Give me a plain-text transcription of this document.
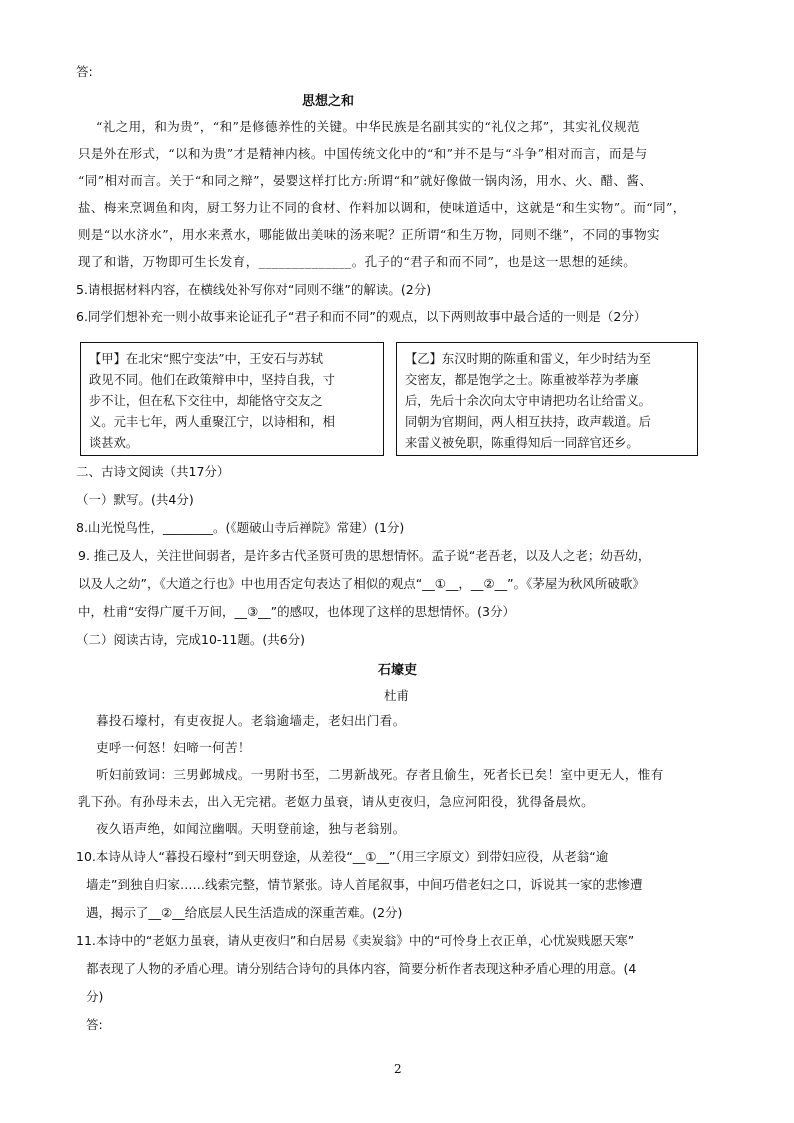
答:
思想之和
“礼之用，和为贵”，“和”是修德养性的关键。中华民族是名副其实的“礼仪之邦”，其实礼仪规范
只是外在形式，“以和为贵”才是精神内核。中国传统文化中的“和”并不是与“斗争”相对而言，而是与
“同”相对而言。关于“和同之辩”，晏婴这样打比方:所谓“和”就好像做一锅肉汤，用水、火、醋、酱、
盐、梅来烹调鱼和肉，厨工努力让不同的食材、作料加以调和，使味道适中，这就是“和生实物”。而“同”，
则是“以水济水”，用水来煮水，哪能做出美味的汤来呢？正所谓“和生万物，同则不继”，不同的事物实
现了和谐，万物即可生长发育，______________。孔子的“君子和而不同”，也是这一思想的延续。
5.请根据材料内容，在横线处补写你对“同则不继”的解读。(2分)
6.同学们想补充一则小故事来论证孔子“君子和而不同”的观点，以下两则故事中最合适的一则是（2分）
【甲】在北宋“熙宁变法”中，王安石与苏轼
政见不同。他们在政策辩申中，坚持自我，寸
步不让，但在私下交往中，却能恪守交友之
义。元丰七年，两人重聚江宁，以诗相和，相
谈甚欢。
【乙】东汉时期的陈重和雷义，年少时结为至
交密友，都是饱学之士。陈重被举荐为孝廉
后，先后十余次向太守申请把功名让给雷义。
同朝为官期间，两人相互扶持，政声载道。后
来雷义被免职，陈重得知后一同辞官还乡。
二、古诗文阅读（共17分）
（一）默写。(共4分)
8.山光悦鸟性，________。(《题破山寺后禅院》常建）(1分)
9. 推己及人，关注世间弱者，是许多古代圣贤可贵的思想情怀。孟子说“老吾老，以及人之老；幼吾幼，
以及人之幼”，《大道之行也》中也用否定句表达了相似的观点“__①__，__②__”。《茅屋为秋风所破歌》
中，杜甫“安得广厦千万间，__③__”的感叹，也体现了这样的思想情怀。(3分）
（二）阅读古诗，完成10-11题。(共6分)
石壕吏
杜甫
暮投石壕村，有吏夜捉人。老翁逾墙走，老妇出门看。
吏呼一何怒！妇啼一何苦！
听妇前致词：三男邺城戍。一男附书至，二男新战死。存者且偷生，死者长已矣！室中更无人，惟有
乳下孙。有孙母未去，出入无完裙。老妪力虽衰，请从吏夜归，急应河阳役，犹得备晨炊。
夜久语声绝，如闻泣幽咽。天明登前途，独与老翁别。
10.本诗从诗人“暮投石壕村”到天明登途，从差役“__①__”（用三字原文）到带妇应役，从老翁“逾
墙走”到独自归家……线索完整，情节紧张。诗人首尾叙事，中间巧借老妇之口，诉说其一家的悲惨遭
遇，揭示了__②__给底层人民生活造成的深重苦难。(2分)
11.本诗中的“老妪力虽衰，请从吏夜归”和白居易《卖炭翁》中的“可怜身上衣正单，心忧炭贱愿天寒”
都表现了人物的矛盾心理。请分别结合诗句的具体内容，简要分析作者表现这种矛盾心理的用意。(4
分)
答:
2
